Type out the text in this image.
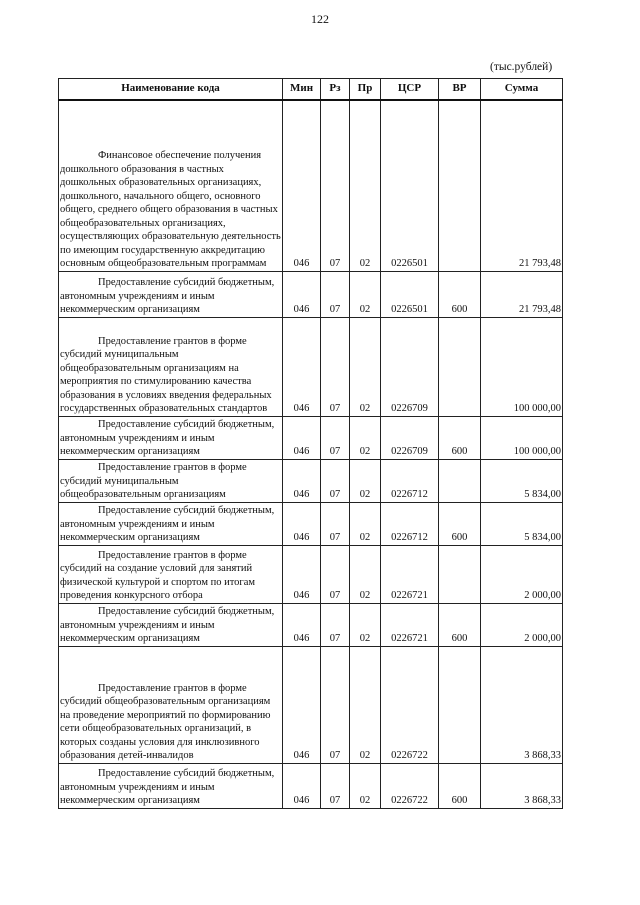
122
(тыс.рублей)
Наименование кода	Мин	Рз	Пр	ЦСР	ВР	Сумма

Финансовое обеспечение получения дошкольного образования в частных дошкольных образовательных организациях, дошкольного, начального общего, основного общего, среднего общего образования в частных общеобразовательных организациях, осуществляющих образовательную деятельность по имеющим государственную аккредитацию основным общеобразовательным программам	046	07	02	0226501		21 793,48

Предоставление субсидий бюджетным, автономным учреждениям и иным некоммерческим организациям	046	07	02	0226501	600	21 793,48

Предоставление грантов в форме субсидий муниципальным общеобразовательным организациям на мероприятия по стимулированию качества образования в условиях введения федеральных государственных образовательных стандартов	046	07	02	0226709		100 000,00

Предоставление субсидий бюджетным, автономным учреждениям и иным некоммерческим организациям	046	07	02	0226709	600	100 000,00

Предоставление грантов в форме субсидий муниципальным общеобразовательным организациям	046	07	02	0226712		5 834,00

Предоставление субсидий бюджетным, автономным учреждениям и иным некоммерческим организациям	046	07	02	0226712	600	5 834,00

Предоставление грантов в форме субсидий на создание условий для занятий физической культурой и спортом по итогам проведения конкурсного отбора	046	07	02	0226721		2 000,00

Предоставление субсидий бюджетным, автономным учреждениям и иным некоммерческим организациям	046	07	02	0226721	600	2 000,00

Предоставление грантов в форме субсидий общеобразовательным организациям на проведение мероприятий по формированию сети общеобразовательных организаций, в которых созданы условия для инклюзивного образования детей-инвалидов	046	07	02	0226722		3 868,33

Предоставление субсидий бюджетным, автономным учреждениям и иным некоммерческим организациям	046	07	02	0226722	600	3 868,33
